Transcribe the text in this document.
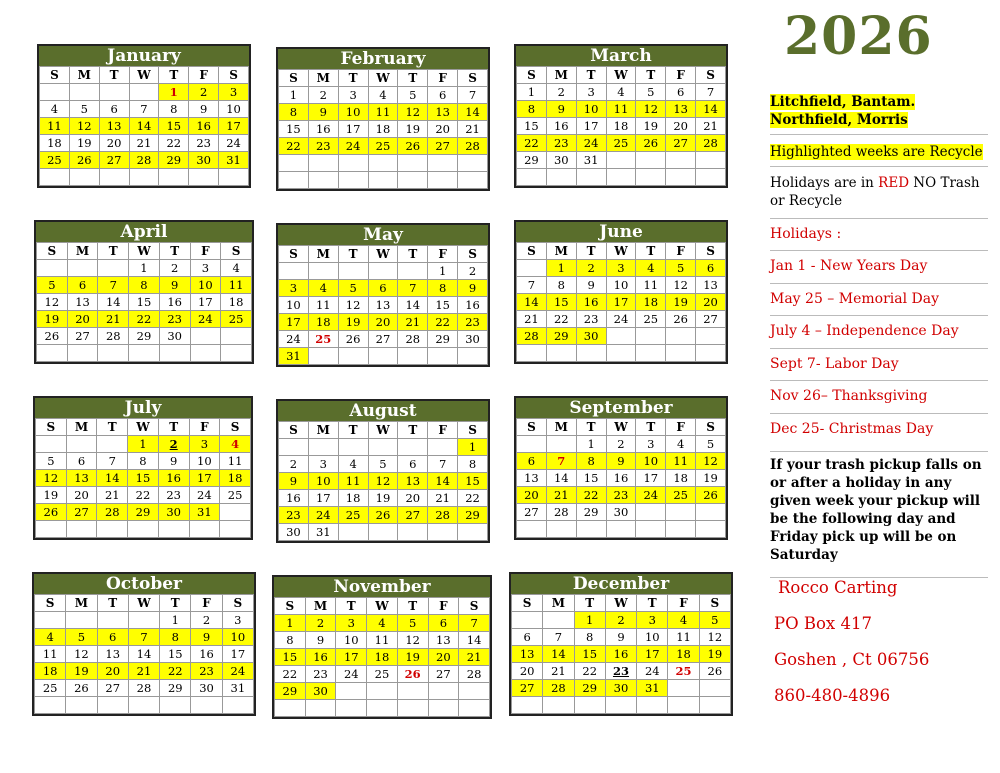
2026
January
S	M	T	W	T	F	S
				1	2	3
4	5	6	7	8	9	10
11	12	13	14	15	16	17
18	19	20	21	22	23	24
25	26	27	28	29	30	31

February
S	M	T	W	T	F	S
1	2	3	4	5	6	7
8	9	10	11	12	13	14
15	16	17	18	19	20	21
22	23	24	25	26	27	28

March
S	M	T	W	T	F	S
1	2	3	4	5	6	7
8	9	10	11	12	13	14
15	16	17	18	19	20	21
22	23	24	25	26	27	28
29	30	31				

April
S	M	T	W	T	F	S
			1	2	3	4
5	6	7	8	9	10	11
12	13	14	15	16	17	18
19	20	21	22	23	24	25
26	27	28	29	30		

May
S	M	T	W	T	F	S
					1	2
3	4	5	6	7	8	9
10	11	12	13	14	15	16
17	18	19	20	21	22	23
24	25	26	27	28	29	30
31						
June
S	M	T	W	T	F	S
	1	2	3	4	5	6
7	8	9	10	11	12	13
14	15	16	17	18	19	20
21	22	23	24	25	26	27
28	29	30				

July
S	M	T	W	T	F	S
			1	2	3	4
5	6	7	8	9	10	11
12	13	14	15	16	17	18
19	20	21	22	23	24	25
26	27	28	29	30	31	

August
S	M	T	W	T	F	S
						1
2	3	4	5	6	7	8
9	10	11	12	13	14	15
16	17	18	19	20	21	22
23	24	25	26	27	28	29
30	31					
September
S	M	T	W	T	F	S
		1	2	3	4	5
6	7	8	9	10	11	12
13	14	15	16	17	18	19
20	21	22	23	24	25	26
27	28	29	30			

October
S	M	T	W	T	F	S
				1	2	3
4	5	6	7	8	9	10
11	12	13	14	15	16	17
18	19	20	21	22	23	24
25	26	27	28	29	30	31

November
S	M	T	W	T	F	S
1	2	3	4	5	6	7
8	9	10	11	12	13	14
15	16	17	18	19	20	21
22	23	24	25	26	27	28
29	30					

December
S	M	T	W	T	F	S
		1	2	3	4	5
6	7	8	9	10	11	12
13	14	15	16	17	18	19
20	21	22	23	24	25	26
27	28	29	30	31		

Litchfield, Bantam.
Northfield, Morris
Highlighted weeks are Recycle
Holidays are in RED NO Trash or Recycle
Holidays :
Jan 1 - New Years Day
May 25 – Memorial Day
July 4 – Independence Day
Sept 7- Labor Day
Nov 26– Thanksgiving
Dec 25- Christmas Day
If your trash pickup falls on or after a holiday in any given week your pickup will be the following day and Friday pick up will be on Saturday
Rocco Carting
PO Box 417
Goshen , Ct 06756
860-480-4896
